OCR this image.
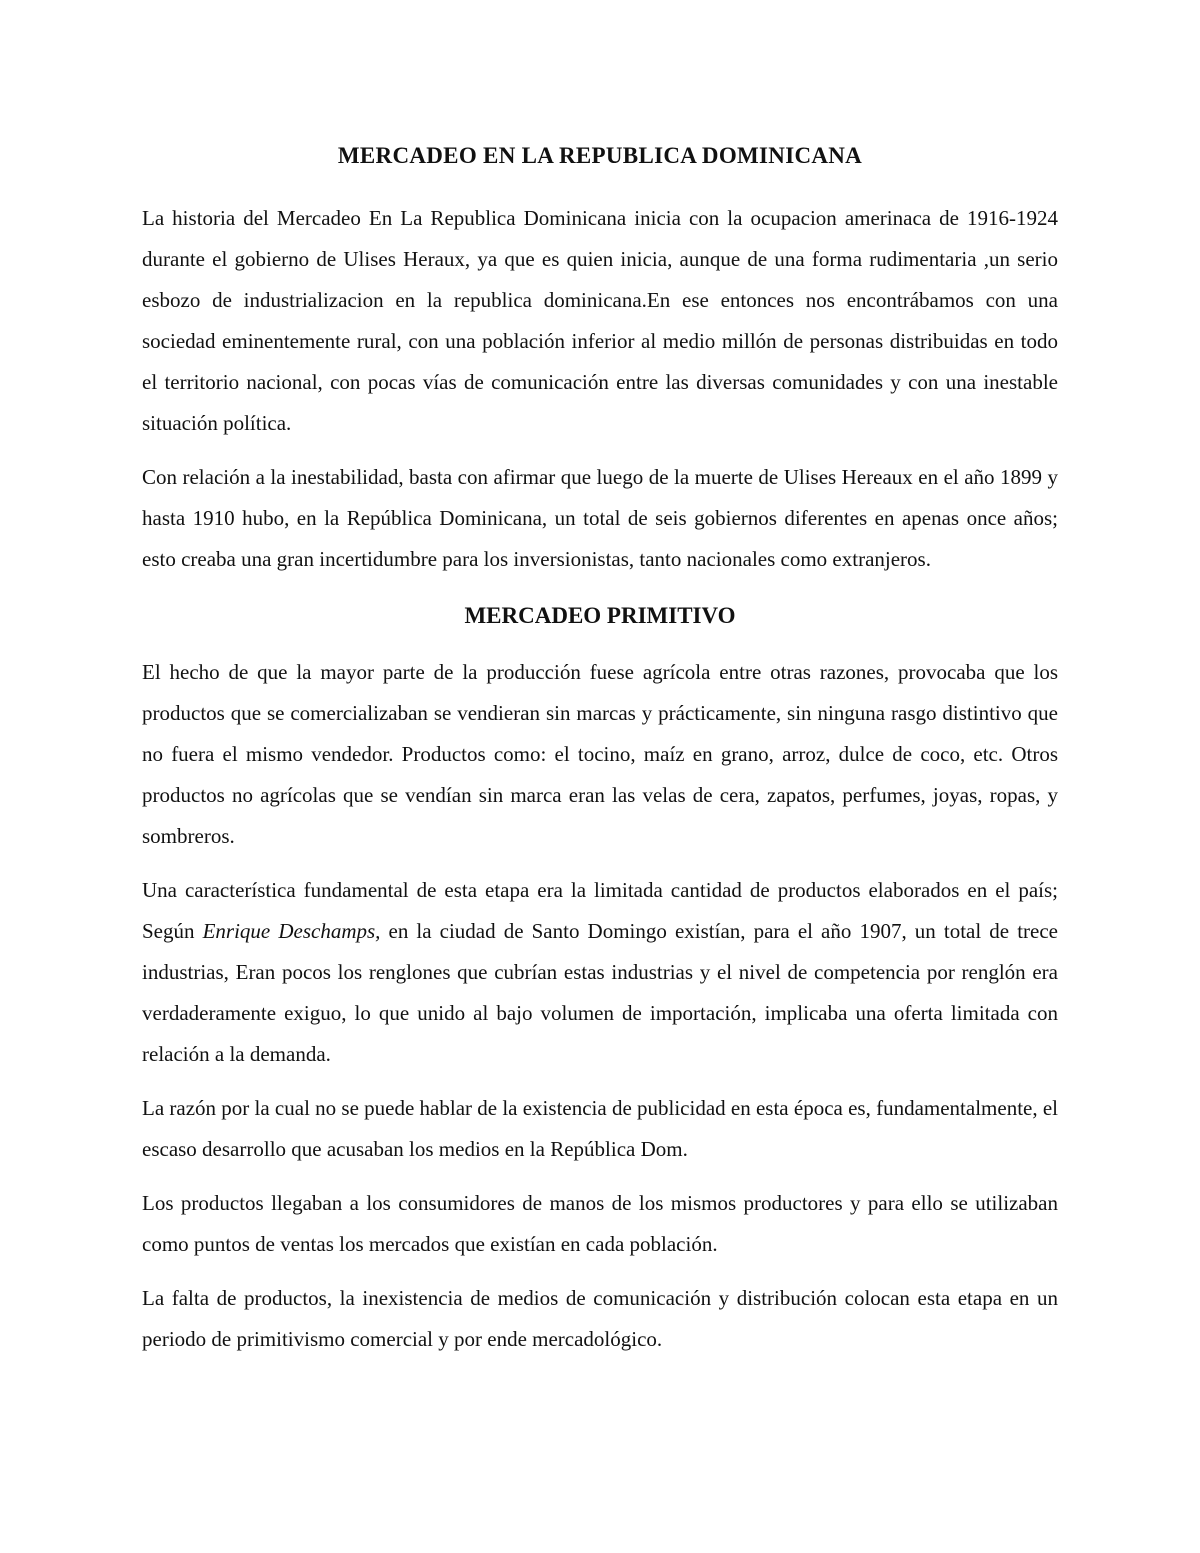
MERCADEO EN LA REPUBLICA DOMINICANA

La historia del Mercadeo En La Republica Dominicana inicia con la ocupacion amerinaca de 1916-1924 durante el gobierno de Ulises Heraux, ya que es quien inicia, aunque de una forma rudimentaria ,un serio esbozo de industrializacion en la republica dominicana.En ese entonces nos encontrábamos con una sociedad eminentemente rural, con una población inferior al medio millón de personas distribuidas en todo el territorio nacional, con pocas vías de comunicación entre las diversas comunidades y con una inestable situación política.

Con relación a la inestabilidad, basta con afirmar que luego de la muerte de Ulises Hereaux en el año 1899 y hasta 1910 hubo, en la República Dominicana, un total de seis gobiernos diferentes en apenas once años; esto creaba una gran incertidumbre para los inversionistas, tanto nacionales como extranjeros.

MERCADEO PRIMITIVO

El hecho de que la mayor parte de la producción fuese agrícola entre otras razones, provocaba que los productos que se comercializaban se vendieran sin marcas y prácticamente, sin ninguna rasgo distintivo que no fuera el mismo vendedor. Productos como: el tocino, maíz en grano, arroz, dulce de coco, etc. Otros productos no agrícolas que se vendían sin marca eran las velas de cera, zapatos, perfumes, joyas, ropas, y sombreros.

Una característica fundamental de esta etapa era la limitada cantidad de productos elaborados en el país; Según Enrique Deschamps, en la ciudad de Santo Domingo existían, para el año 1907, un total de trece industrias, Eran pocos los renglones que cubrían estas industrias y el nivel de competencia por renglón era verdaderamente exiguo, lo que unido al bajo volumen de importación, implicaba una oferta limitada con relación a la demanda.

La razón por la cual no se puede hablar de la existencia de publicidad en esta época es, fundamentalmente, el escaso desarrollo que acusaban los medios en la República Dom.

Los productos llegaban a los consumidores de manos de los mismos productores y para ello se utilizaban como puntos de ventas los mercados que existían en cada población.

La falta de productos, la inexistencia de medios de comunicación y distribución colocan esta etapa en un periodo de primitivismo comercial y por ende mercadológico.
